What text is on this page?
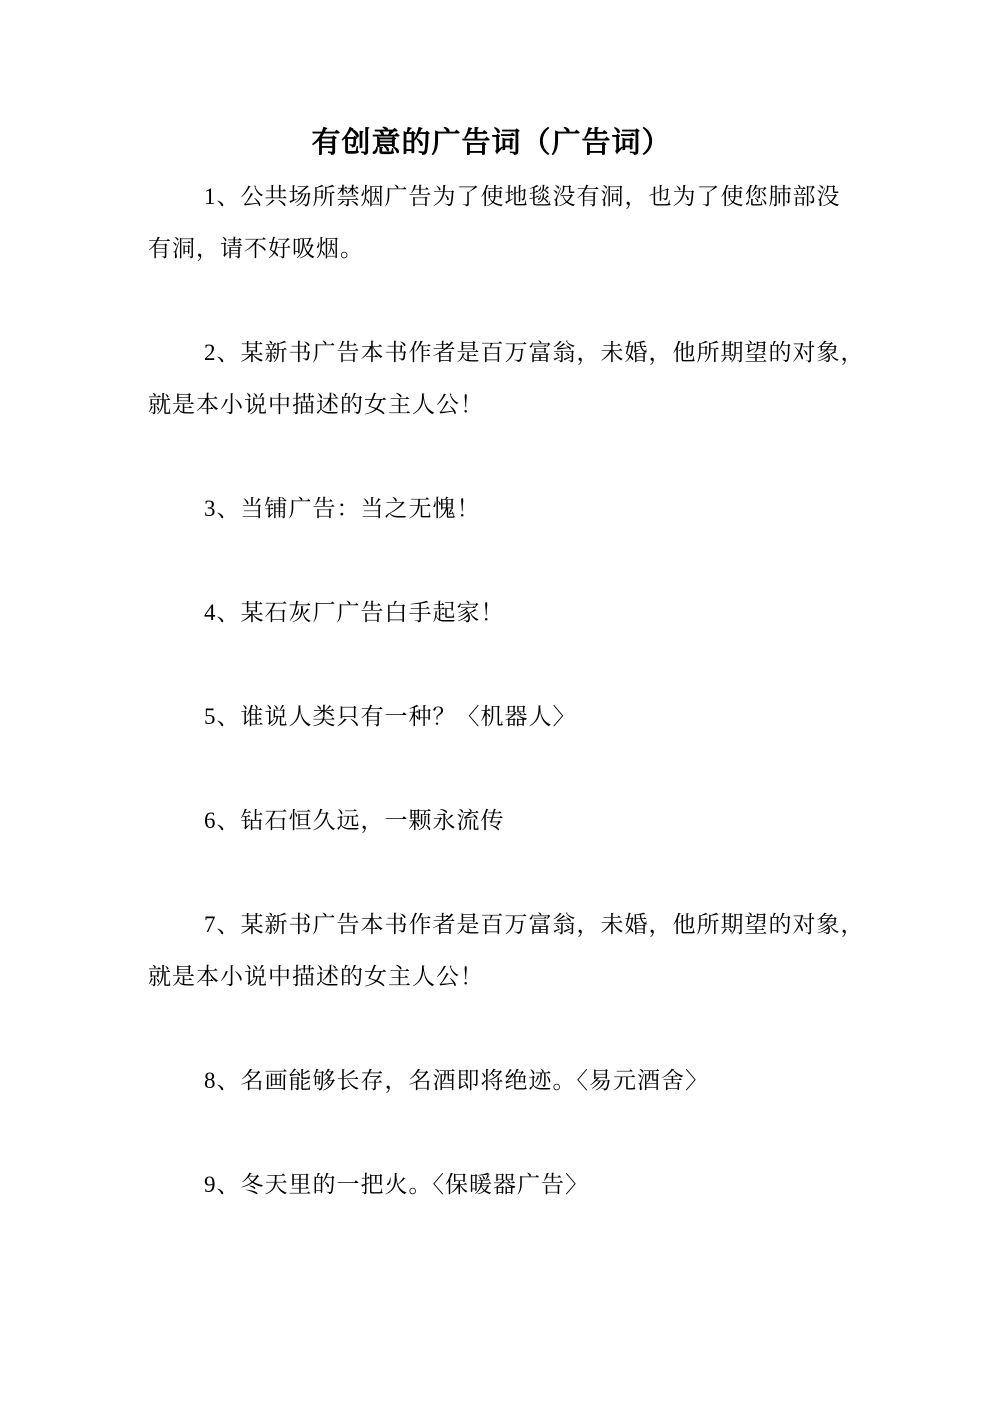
有创意的广告词（广告词）
1、公共场所禁烟广告为了使地毯没有洞，也为了使您肺部没
有洞，请不好吸烟。
2、某新书广告本书作者是百万富翁，未婚，他所期望的对象，
就是本小说中描述的女主人公！
3、当铺广告：当之无愧！
4、某石灰厂广告白手起家！
5、谁说人类只有一种？〈机器人〉
6、钻石恒久远，一颗永流传
7、某新书广告本书作者是百万富翁，未婚，他所期望的对象，
就是本小说中描述的女主人公！
8、名画能够长存，名酒即将绝迹。〈易元酒舍〉
9、冬天里的一把火。〈保暖器广告〉
